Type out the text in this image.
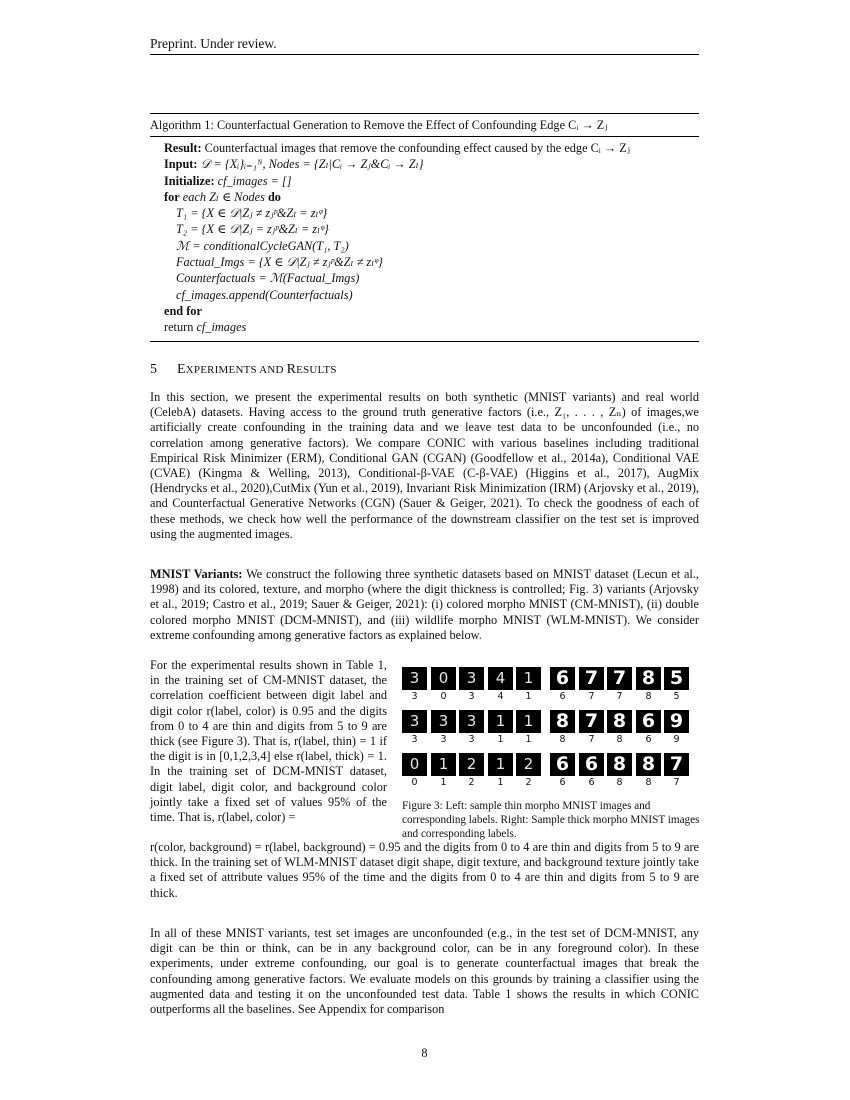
Preprint. Under review.
Algorithm 1: Counterfactual Generation to Remove the Effect of Confounding Edge Cᵢ → Zⱼ
Result: Counterfactual images that remove the confounding effect caused by the edge Cᵢ → Zⱼ
Input: 𝒟 = {Xᵢ}ᵢ₌₁ᴺ, Nodes = {Zₗ|Cᵢ → Zⱼ&Cᵢ → Zₗ}
Initialize: cf_images = []
for each Zₗ ∈ Nodes do
T₁ = {X ∈ 𝒟|Zⱼ ≠ zⱼᵖ&Zₗ = zₗᵠ}
T₂ = {X ∈ 𝒟|Zⱼ = zⱼᵖ&Zₗ = zₗᵠ}
ℳ = conditionalCycleGAN(T₁, T₂)
Factual_Imgs = {X ∈ 𝒟|Zⱼ ≠ zⱼᵖ&Zₗ ≠ zₗᵠ}
Counterfactuals = ℳ(Factual_Imgs)
cf_images.append(Counterfactuals)
end for
return cf_images
5 EXPERIMENTS AND RESULTS
In this section, we present the experimental results on both synthetic (MNIST variants) and real world (CelebA) datasets. Having access to the ground truth generative factors (i.e., Z₁, . . . , Zₙ) of images,we artificially create confounding in the training data and we leave test data to be unconfounded (i.e., no correlation among generative factors). We compare CONIC with various baselines including traditional Empirical Risk Minimizer (ERM), Conditional GAN (CGAN) (Goodfellow et al., 2014a), Conditional VAE (CVAE) (Kingma & Welling, 2013), Conditional-β-VAE (C-β-VAE) (Higgins et al., 2017), AugMix (Hendrycks et al., 2020),CutMix (Yun et al., 2019), Invariant Risk Minimization (IRM) (Arjovsky et al., 2019), and Counterfactual Generative Networks (CGN) (Sauer & Geiger, 2021). To check the goodness of each of these methods, we check how well the performance of the downstream classifier on the test set is improved using the augmented images.
MNIST Variants: We construct the following three synthetic datasets based on MNIST dataset (Lecun et al., 1998) and its colored, texture, and morpho (where the digit thickness is controlled; Fig. 3) variants (Arjovsky et al., 2019; Castro et al., 2019; Sauer & Geiger, 2021): (i) colored morpho MNIST (CM-MNIST), (ii) double colored morpho MNIST (DCM-MNIST), and (iii) wildlife morpho MNIST (WLM-MNIST). We consider extreme confounding among generative factors as explained below.
For the experimental results shown in Table 1, in the training set of CM-MNIST dataset, the correlation coefficient between digit label and digit color r(label, color) is 0.95 and the digits from 0 to 4 are thin and digits from 5 to 9 are thick (see Figure 3). That is, r(label, thin) = 1 if the digit is in [0,1,2,3,4] else r(label, thick) = 1. In the training set of DCM-MNIST dataset, digit label, digit color, and background color jointly take a fixed set of values 95% of the time. That is, r(label, color) =
3
3
0
0
3
3
4
4
1
1
6
6
7
7
7
7
8
8
5
5
3
3
3
3
3
3
1
1
1
1
8
8
7
7
8
8
6
6
9
9
0
0
1
1
2
2
1
1
2
2
6
6
6
6
8
8
8
8
7
7
Figure 3: Left: sample thin morpho MNIST images and corresponding labels. Right: Sample thick morpho MNIST images and corresponding labels.
r(color, background) = r(label, background) = 0.95 and the digits from 0 to 4 are thin and digits from 5 to 9 are thick. In the training set of WLM-MNIST dataset digit shape, digit texture, and background texture jointly take a fixed set of attribute values 95% of the time and the digits from 0 to 4 are thin and digits from 5 to 9 are thick.
In all of these MNIST variants, test set images are unconfounded (e.g., in the test set of DCM-MNIST, any digit can be thin or think, can be in any background color, can be in any foreground color). In these experiments, under extreme confounding, our goal is to generate counterfactual images that break the confounding among generative factors. We evaluate models on this grounds by training a classifier using the augmented data and testing it on the unconfounded test data. Table 1 shows the results in which CONIC outperforms all the baselines. See Appendix for comparison
8
